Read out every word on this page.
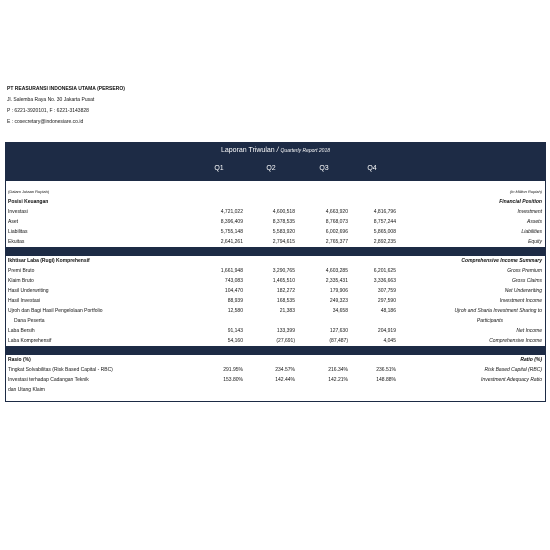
PT REASURANSI INDONESIA UTAMA (PERSERO)
Jl. Salemba Raya No. 30 Jakarta Pusat
P : 6221-3920101, F : 6221-3143828
E : cosecretary@indonesiare.co.id
Laporan Triwulan / Quarterly Report 2018
Q1	Q2	Q3	Q4
(Dalam Jutaan Rupiah)	(In Million Rupiah)
Posisi Keuangan	Financial Position
Investasi	4,721,022	4,600,518	4,663,920	4,816,796	Investment
Aset	8,396,409	8,378,535	8,768,073	8,757,244	Assets
Liabilitas	5,755,148	5,583,920	6,002,696	5,865,008	Liabilities
Ekuitas	2,641,261	2,794,615	2,765,377	2,892,235	Equity
Ikhtisar Laba (Rugi) Komprehensif	Comprehensive Income Summary
Premi Bruto	1,661,948	3,290,765	4,603,285	6,201,625	Gross Premium
Klaim Bruto	743,083	1,465,510	2,335,431	3,336,663	Gross Claims
Hasil Underwriting	104,470	182,272	179,906	307,759	Net Underwriting
Hasil Investasi	88,939	168,535	249,323	297,590	Investment Income
Ujroh dan Bagi Hasil Pengelolaan Portfolio	12,580	21,383	34,658	48,186	Ujroh and Sharia Investment Sharing to
Dana Peserta	Participants
Laba Bersih	91,143	133,399	127,630	204,919	Net Income
Laba Komprehensif	54,160	(27,691)	(87,487)	4,045	Comprehensive Income
Rasio (%)	Ratio (%)
Tingkat Solvabilitas (Risk Based Capital - RBC)	291.95%	234.57%	216.34%	236.51%	Risk Based Capital (RBC)
Investasi terhadap Cadangan Teknik	153.80%	142.44%	142.21%	148.88%	Investment Adequacy Ratio
dan Utang Klaim
